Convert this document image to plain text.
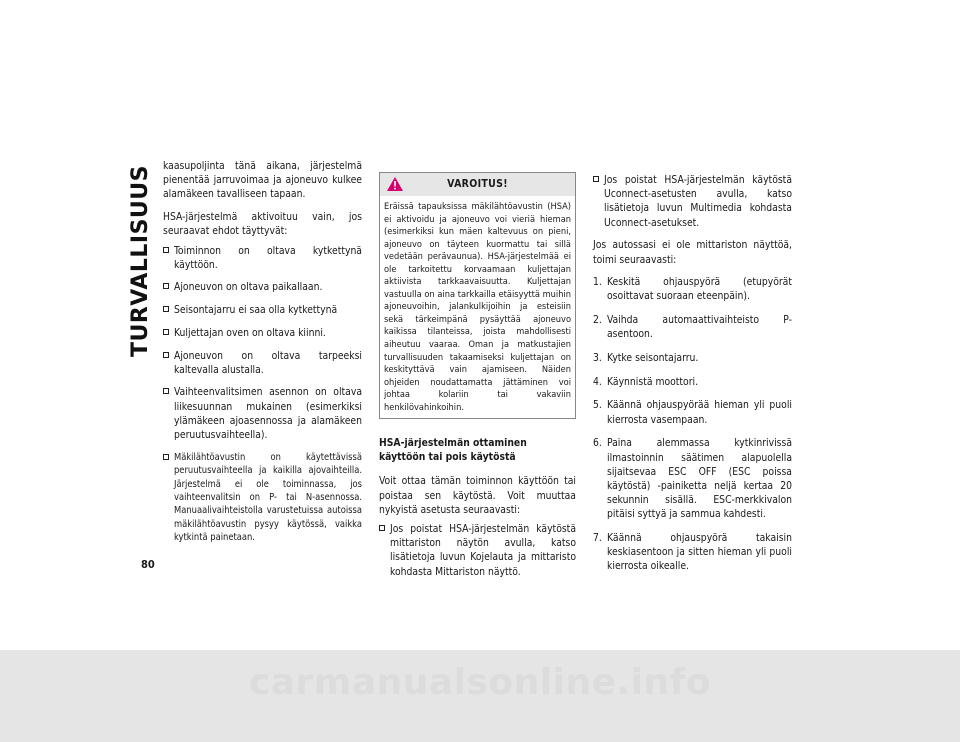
TURVALLISUUS
80

kaasupoljinta tänä aikana, järjestelmä pienentää jarruvoimaa ja ajoneuvo kulkee alamäkeen tavalliseen tapaan.

HSA-järjestelmä aktivoituu vain, jos seuraavat ehdot täyttyvät:

Toiminnon on oltava kytkettynä käyttöön.
Ajoneuvon on oltava paikallaan.
Seisontajarru ei saa olla kytkettynä
Kuljettajan oven on oltava kiinni.
Ajoneuvon on oltava tarpeeksi kaltevalla alustalla.
Vaihteenvalitsimen asennon on oltava liikesuunnan mukainen (esimerkiksi ylämäkeen ajoasennossa ja alamäkeen peruutusvaihteella).
Mäkilähtöavustin on käytettävissä peruutusvaihteella ja kaikilla ajovaihteilla. Järjestelmä ei ole toiminnassa, jos vaihteenvalitsin on P- tai N-asennossa. Manuaalivaihteistolla varustetuissa autoissa mäkilähtöavustin pysyy käytössä, vaikka kytkintä painetaan.
VAROITUS!
Eräissä tapauksissa mäkilähtöavustin (HSA) ei aktivoidu ja ajoneuvo voi vieriä hieman (esimerkiksi kun mäen kaltevuus on pieni, ajoneuvo on täyteen kuormattu tai sillä vedetään perävaunua). HSA-järjestelmää ei ole tarkoitettu korvaamaan kuljettajan aktiivista tarkkaavaisuutta. Kuljettajan vastuulla on aina tarkkailla etäisyyttä muihin ajoneuvoihin, jalankulkijoihin ja esteisiin sekä tärkeimpänä pysäyttää ajoneuvo kaikissa tilanteissa, joista mahdollisesti aiheutuu vaaraa. Oman ja matkustajien turvallisuuden takaamiseksi kuljettajan on keskityttävä vain ajamiseen. Näiden ohjeiden noudattamatta jättäminen voi johtaa kolariin tai vakaviin henkilövahinkoihin.
HSA-järjestelmän ottaminen käyttöön tai pois käytöstä

Voit ottaa tämän toiminnon käyttöön tai poistaa sen käytöstä. Voit muuttaa nykyistä asetusta seuraavasti:

Jos poistat HSA-järjestelmän käytöstä mittariston näytön avulla, katso lisätietoja luvun Kojelauta ja mittaristo kohdasta Mittariston näyttö.
Jos poistat HSA-järjestelmän käytöstä Uconnect-asetusten avulla, katso lisätietoja luvun Multimedia kohdasta Uconnect-asetukset.

Jos autossasi ei ole mittariston näyttöä, toimi seuraavasti:

1. Keskitä ohjauspyörä (etupyörät osoittavat suoraan eteenpäin).
2. Vaihda automaattivaihteisto P-asentoon.
3. Kytke seisontajarru.
4. Käynnistä moottori.
5. Käännä ohjauspyörää hieman yli puoli kierrosta vasempaan.
6. Paina alemmassa kytkinrivissä ilmastoinnin säätimen alapuolella sijaitsevaa ESC OFF (ESC poissa käytöstä) -painiketta neljä kertaa 20 sekunnin sisällä. ESC-merkkivalon pitäisi syttyä ja sammua kahdesti.
7. Käännä ohjauspyörä takaisin keskiasentoon ja sitten hieman yli puoli kierrosta oikealle.
carmanualsonline.info
